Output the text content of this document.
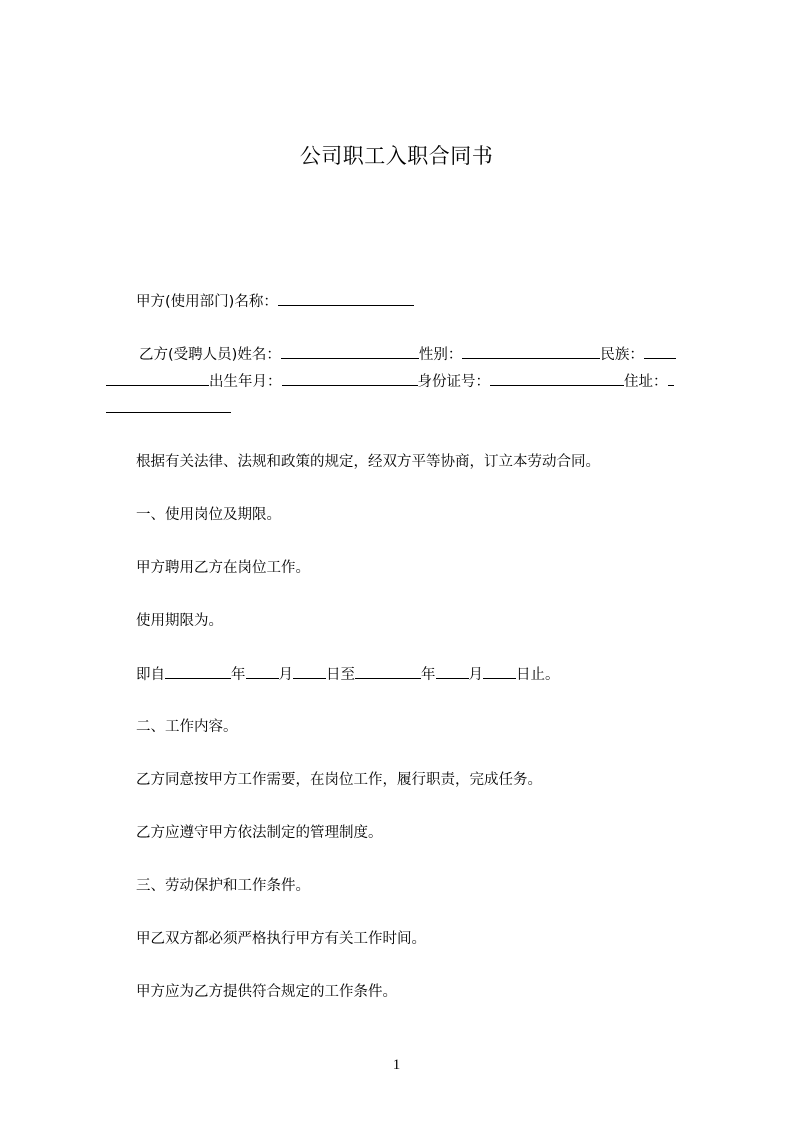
公司职工入职合同书
甲方(使用部门)名称：
乙方(受聘人员)姓名：	性别：	民族：
出生年月：	身份证号：	住址：
根据有关法律、法规和政策的规定，经双方平等协商，订立本劳动合同。
一、使用岗位及期限。
甲方聘用乙方在岗位工作。
使用期限为。
即自	年 月 日至	年 月 日止。
二、工作内容。
乙方同意按甲方工作需要，在岗位工作，履行职责，完成任务。
乙方应遵守甲方依法制定的管理制度。
三、劳动保护和工作条件。
甲乙双方都必须严格执行甲方有关工作时间。
甲方应为乙方提供符合规定的工作条件。
1
